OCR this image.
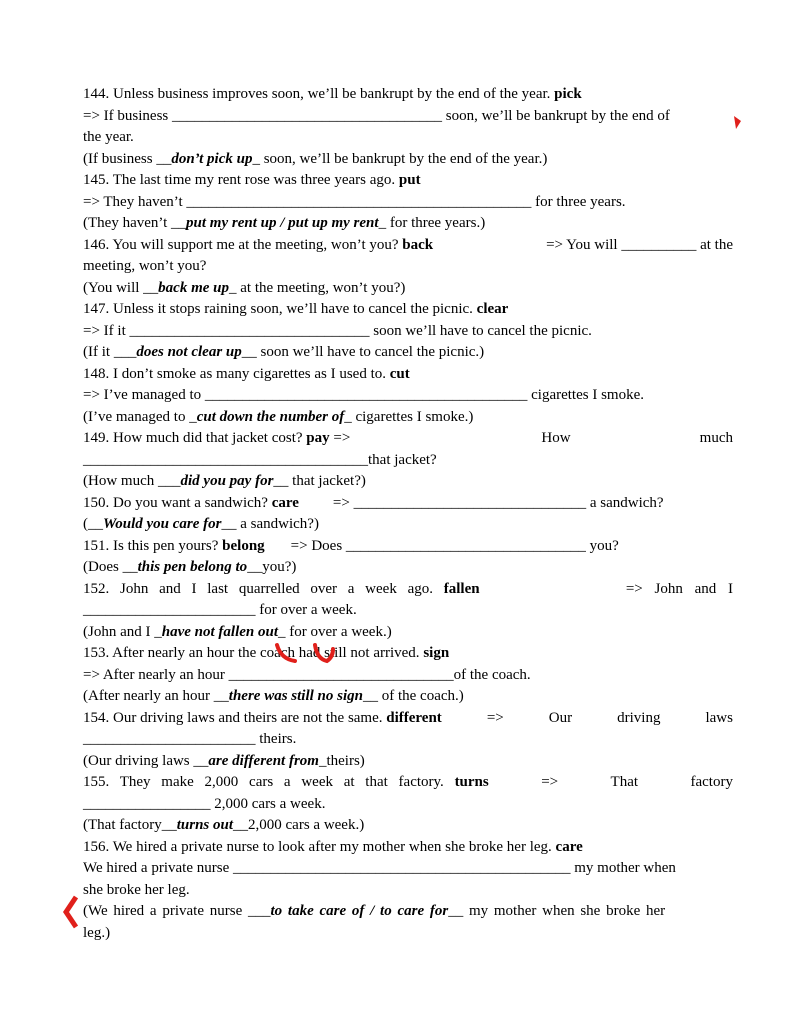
144. Unless business improves soon, we’ll be bankrupt by the end of the year. pick
=> If business ____________________________________ soon, we’ll be bankrupt by the end of
the year.
(If business __don’t pick up_ soon, we’ll be bankrupt by the end of the year.)
145. The last time my rent rose was three years ago. put
=> They haven’t ______________________________________________ for three years.
(They haven’t __put my rent up / put up my rent_ for three years.)
146. You will support me at the meeting, won’t you? back	=> You will __________ at the
meeting, won’t you?
(You will __back me up_ at the meeting, won’t you?)
147. Unless it stops raining soon, we’ll have to cancel the picnic. clear
=> If it ________________________________ soon we’ll have to cancel the picnic.
(If it ___does not clear up__ soon we’ll have to cancel the picnic.)
148. I don’t smoke as many cigarettes as I used to. cut
=> I’ve managed to ___________________________________________ cigarettes I smoke.
(I’ve managed to _cut down the number of_ cigarettes I smoke.)
149. How much did that jacket cost? pay =>	How	much
______________________________________that jacket?
(How much ___did you pay for__ that jacket?)
150. Do you want a sandwich? care => _______________________________ a sandwich?
(__Would you care for__ a sandwich?)
151. Is this pen yours? belong => Does ________________________________ you?
(Does __this pen belong to__you?)
152. John and I last quarrelled over a week ago. fallen	=> John and I
_______________________ for over a week.
(John and I _have not fallen out_ for over a week.)
153. After nearly an hour the coach had still not arrived. sign
=> After nearly an hour ______________________________of the coach.
(After nearly an hour __there was still no sign__ of the coach.)
154. Our driving laws and theirs are not the same. different	=>	Our	driving	laws
_______________________ theirs.
(Our driving laws __are different from_theirs)
155. They make 2,000 cars a week at that factory. turns	=>	That	factory
_________________ 2,000 cars a week.
(That factory__turns out__2,000 cars a week.)
156. We hired a private nurse to look after my mother when she broke her leg. care
We hired a private nurse _____________________________________________ my mother when
she broke her leg.
(We hired a private nurse ___to take care of / to care for__ my mother when she broke her
leg.)
